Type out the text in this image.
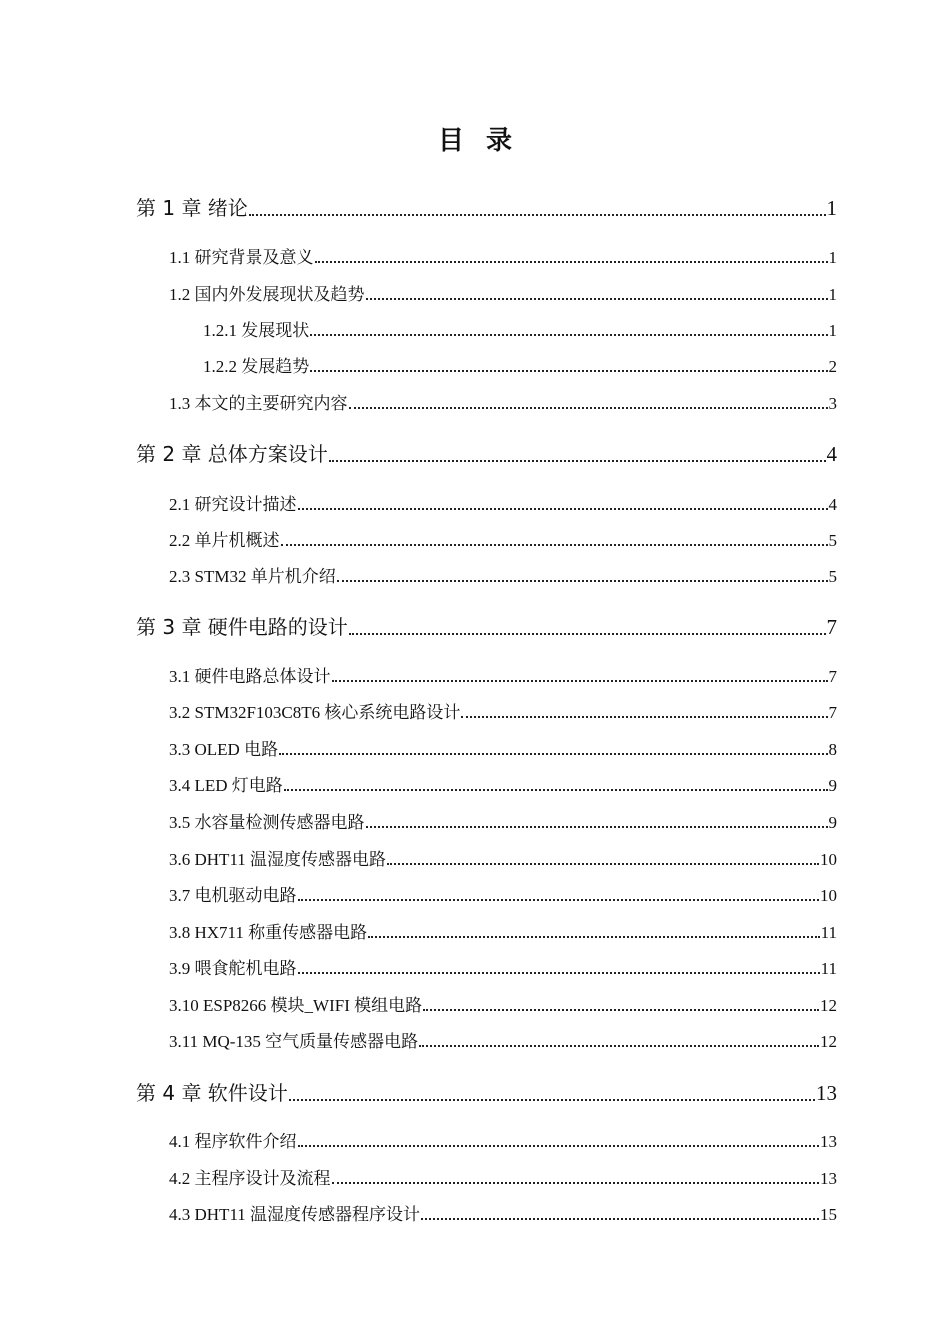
目录
第 1 章 绪论	1
1.1 研究背景及意义	1
1.2 国内外发展现状及趋势	1
1.2.1 发展现状	1
1.2.2 发展趋势	2
1.3 本文的主要研究内容	3
第 2 章 总体方案设计	4
2.1 研究设计描述	4
2.2 单片机概述	5
2.3 STM32 单片机介绍	5
第 3 章 硬件电路的设计	7
3.1 硬件电路总体设计	7
3.2 STM32F103C8T6 核心系统电路设计	7
3.3 OLED 电路	8
3.4 LED 灯电路	9
3.5 水容量检测传感器电路	9
3.6 DHT11 温湿度传感器电路	10
3.7 电机驱动电路	10
3.8 HX711 称重传感器电路	11
3.9 喂食舵机电路	11
3.10 ESP8266 模块_WIFI 模组电路	12
3.11 MQ-135 空气质量传感器电路	12
第 4 章 软件设计	13
4.1 程序软件介绍	13
4.2 主程序设计及流程	13
4.3 DHT11 温湿度传感器程序设计	15
